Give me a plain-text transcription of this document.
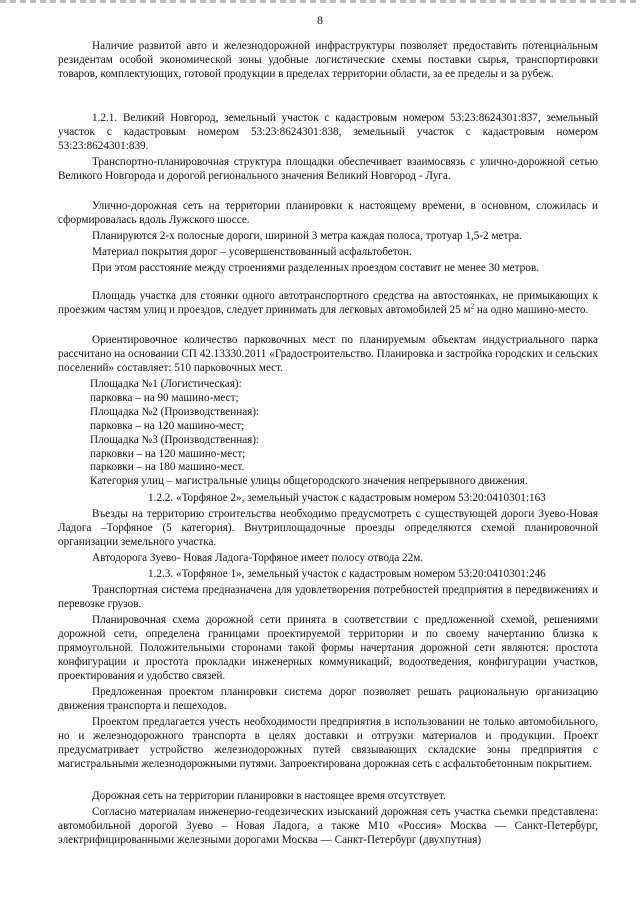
8

Наличие развитой авто и железнодорожной инфраструктуры позволяет предоставить потенциальным резидентам особой экономической зоны удобные логистические схемы поставки сырья, транспортировки товаров, комплектующих, готовой продукции в пределах территории области, за ее пределы и за рубеж.

1.2.1. Великий Новгород, земельный участок с кадастровым номером 53:23:8624301:837, земельный участок с кадастровым номером 53:23:8624301:838, земельный участок с кадастровым номером 53:23:8624301:839.

Транспортно-планировочная структура площадки обеспечивает взаимосвязь с улично-дорожной сетью Великого Новгорода и дорогой регионального значения Великий Новгород - Луга.

Улично-дорожная сеть на территории планировки к настоящему времени, в основном, сложилась и сформировалась вдоль Лужского шоссе.

Планируются 2-х полосные дороги, шириной 3 метра каждая полоса, тротуар 1,5-2 метра.

Материал покрытия дорог – усовершенствованный асфальтобетон.

При этом расстояние между строениями разделенных проездом составит не менее 30 метров.

Площадь участка для стоянки одного автотранспортного средства на автостоянках, не примыкающих к проезжим частям улиц и проездов, следует принимать для легковых автомобилей 25 $м^2$ на одно машино-место.

Ориентировочное количество парковочных мест по планируемым объектам индустриального парка рассчитано на основании СП 42.13330.2011 «Градостроительство. Планировка и застройка городских и сельских поселений» составляет: 510 парковочных мест.

Площадка №1 (Логистическая):

парковка – на 90 машино-мест;

Площадка №2 (Производственная):

парковка – на 120 машино-мест;

Площадка №3 (Производственная):

парковки – на 120 машино-мест;

парковки – на 180 машино-мест.

Категория улиц – магистральные улицы общегородского значения непрерывного движения.

1.2.2. «Торфяное 2», земельный участок с кадастровым номером 53:20:0410301:163

Въезды на территорию строительства необходимо предусмотреть с существующей дороги Зуево-Новая Ладога –Торфяное (5 категория). Внутриплощадочные проезды определяются схемой планировочной организации земельного участка.

Автодорога Зуево- Новая Ладога-Торфяное имеет полосу отвода 22м.

1.2.3. «Торфяное 1», земельный участок с кадастровым номером 53:20:0410301:246

Транспортная система предназначена для удовлетворения потребностей предприятия в передвижениях и перевозке грузов.

Планировочная схема дорожной сети принята в соответствии с предложенной схемой, решениями дорожной сети, определена границами проектируемой территории и по своему начертанию близка к прямоугольной. Положительными сторонами такой формы начертания дорожной сети являются: простота конфигурации и простота прокладки инженерных коммуникаций, водоотведения, конфигурации участков, проектирования и удобство связей.

Предложенная проектом планировки система дорог позволяет решать рациональную организацию движения транспорта и пешеходов.

Проектом предлагается учесть необходимости предприятия в использовании не только автомобильного, но и железнодорожного транспорта в целях доставки и отгрузки материалов и продукции. Проект предусматривает устройство железнодорожных путей связывающих складские зоны предприятия с магистральными железнодорожными путями. Запроектирована дорожная сеть с асфальтобетонным покрытием.

Дорожная сеть на территории планировки в настоящее время отсутствует.

Согласно материалам инженерно-геодезических изысканий дорожная сеть участка съемки представлена: автомобильной дорогой Зуево – Новая Ладога, а также М10 «Россия» Москва — Санкт-Петербург, электрифицированными железными дорогами Москва — Санкт-Петербург (двухпутная)
